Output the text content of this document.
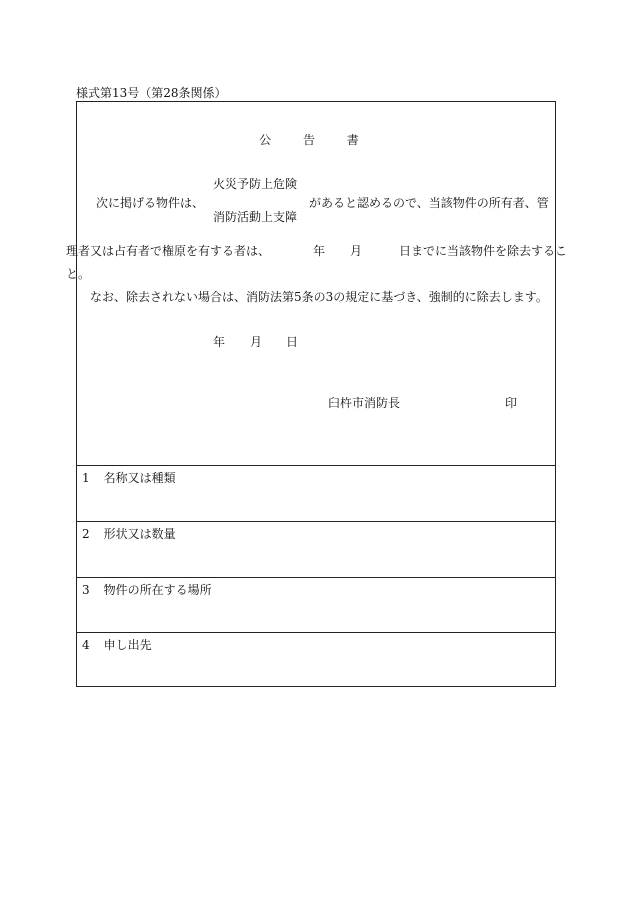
様式第13号（第28条関係）
公 告 書
次に掲げる物件は、
火災予防上危険
消防活動上支障
があると認めるので、当該物件の所有者、管
理者又は占有者で権原を有する者は、	年 月	日までに当該物件を除去するこ
と。
なお、除去されない場合は、消防法第5条の3の規定に基づき、強制的に除去します。
年 月 日
臼杵市消防長	印
1 名称又は種類
2 形状又は数量
3 物件の所在する場所
4 申し出先
